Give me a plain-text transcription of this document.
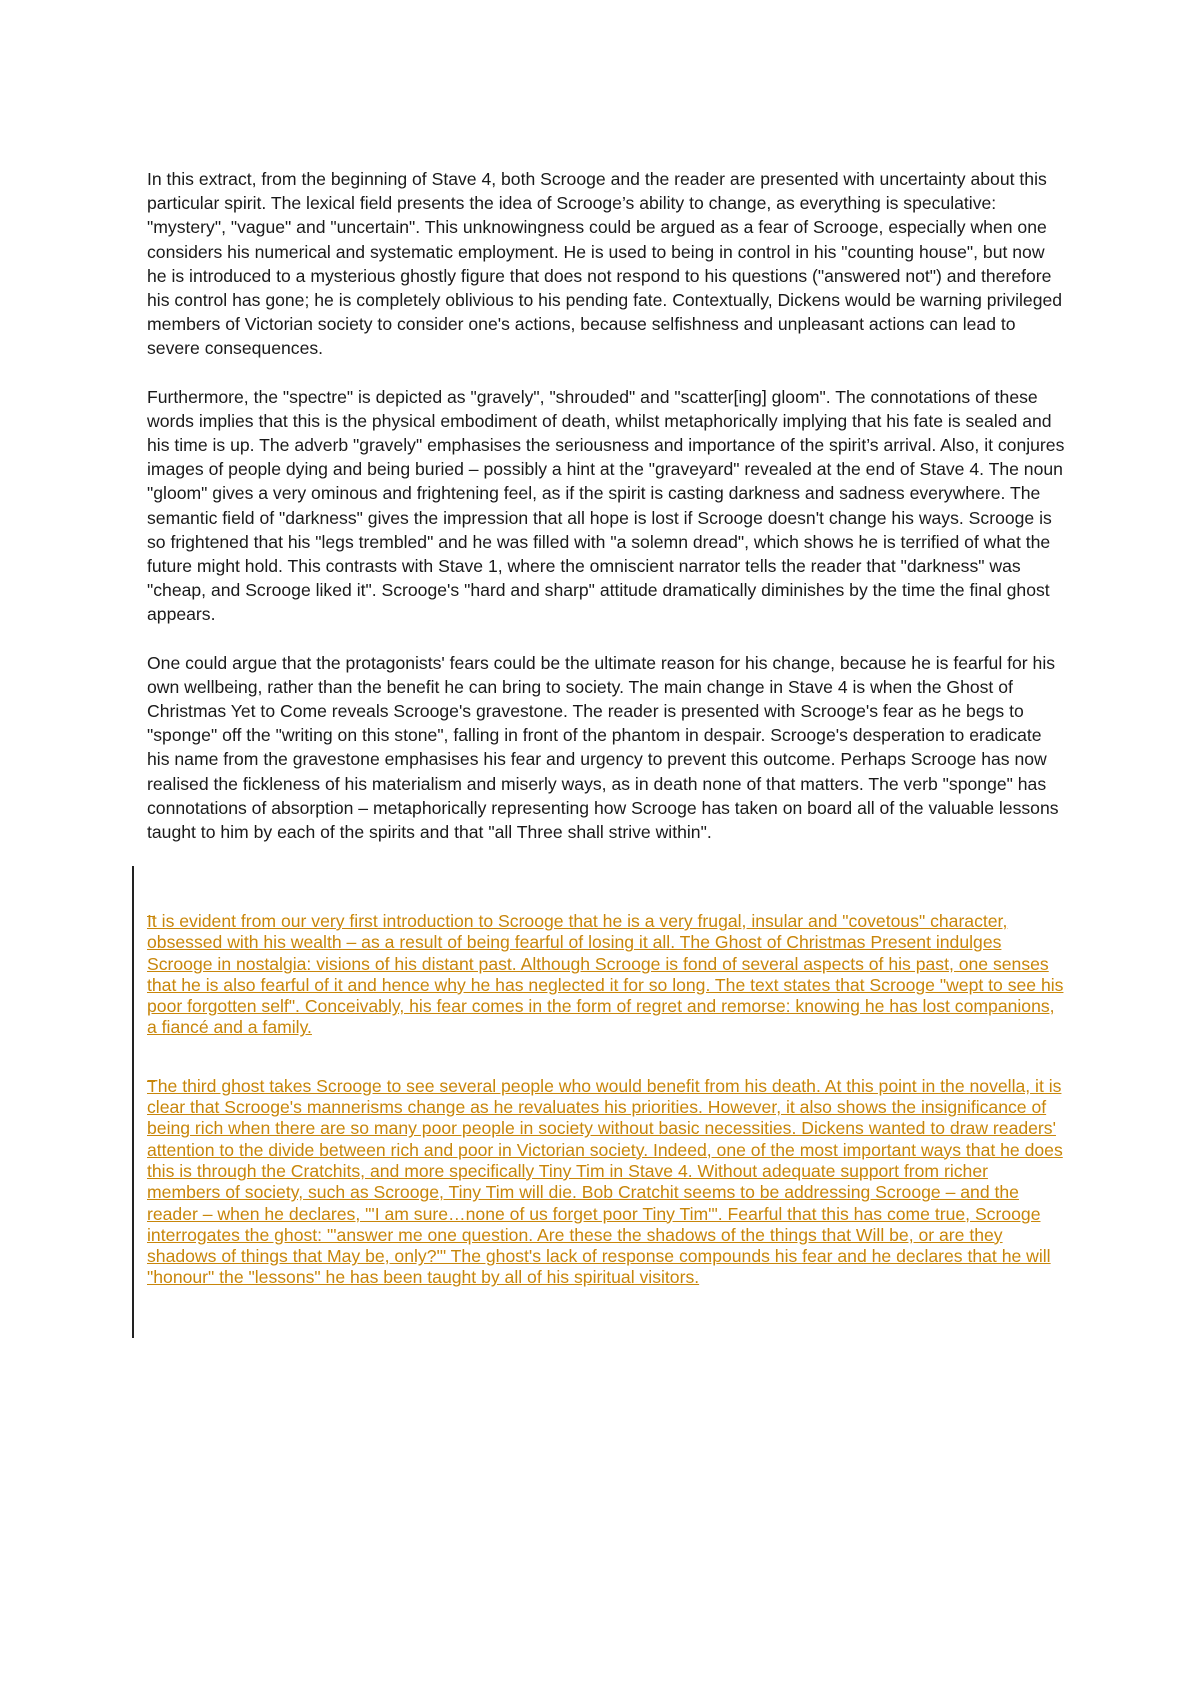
In this extract, from the beginning of Stave 4, both Scrooge and the reader are presented with uncertainty about this particular spirit. The lexical field presents the idea of Scrooge’s ability to change, as everything is speculative: "mystery", "vague" and "uncertain". This unknowingness could be argued as a fear of Scrooge, especially when one considers his numerical and systematic employment. He is used to being in control in his "counting house", but now he is introduced to a mysterious ghostly figure that does not respond to his questions ("answered not") and therefore his control has gone; he is completely oblivious to his pending fate. Contextually, Dickens would be warning privileged members of Victorian society to consider one's actions, because selfishness and unpleasant actions can lead to severe consequences.

Furthermore, the "spectre" is depicted as "gravely", "shrouded" and "scatter[ing] gloom". The connotations of these words implies that this is the physical embodiment of death, whilst metaphorically implying that his fate is sealed and his time is up. The adverb "gravely" emphasises the seriousness and importance of the spirit’s arrival. Also, it conjures images of people dying and being buried – possibly a hint at the "graveyard" revealed at the end of Stave 4. The noun "gloom" gives a very ominous and frightening feel, as if the spirit is casting darkness and sadness everywhere. The semantic field of "darkness" gives the impression that all hope is lost if Scrooge doesn't change his ways. Scrooge is so frightened that his "legs trembled" and he was filled with "a solemn dread", which shows he is terrified of what the future might hold. This contrasts with Stave 1, where the omniscient narrator tells the reader that "darkness" was "cheap, and Scrooge liked it". Scrooge's "hard and sharp" attitude dramatically diminishes by the time the final ghost appears.

One could argue that the protagonists' fears could be the ultimate reason for his change, because he is fearful for his own wellbeing, rather than the benefit he can bring to society. The main change in Stave 4 is when the Ghost of Christmas Yet to Come reveals Scrooge's gravestone. The reader is presented with Scrooge's fear as he begs to "sponge" off the "writing on this stone", falling in front of the phantom in despair. Scrooge's desperation to eradicate his name from the gravestone emphasises his fear and urgency to prevent this outcome. Perhaps Scrooge has now realised the fickleness of his materialism and miserly ways, as in death none of that matters. The verb "sponge" has connotations of absorption – metaphorically representing how Scrooge has taken on board all of the valuable lessons taught to him by each of the spirits and that "all Three shall strive within".

It is evident from our very first introduction to Scrooge that he is a very frugal, insular and "covetous" character, obsessed with his wealth – as a result of being fearful of losing it all. The Ghost of Christmas Present indulges Scrooge in nostalgia: visions of his distant past. Although Scrooge is fond of several aspects of his past, one senses that he is also fearful of it and hence why he has neglected it for so long. The text states that Scrooge "wept to see his poor forgotten self". Conceivably, his fear comes in the form of regret and remorse: knowing he has lost companions, a fiancé and a family.

The third ghost takes Scrooge to see several people who would benefit from his death. At this point in the novella, it is clear that Scrooge's mannerisms change as he revaluates his priorities. However, it also shows the insignificance of being rich when there are so many poor people in society without basic necessities. Dickens wanted to draw readers' attention to the divide between rich and poor in Victorian society. Indeed, one of the most important ways that he does this is through the Cratchits, and more specifically Tiny Tim in Stave 4. Without adequate support from richer members of society, such as Scrooge, Tiny Tim will die. Bob Cratchit seems to be addressing Scrooge – and the reader – when he declares, "'I am sure…none of us forget poor Tiny Tim'". Fearful that this has come true, Scrooge interrogates the ghost: "'answer me one question. Are these the shadows of the things that Will be, or are they shadows of things that May be, only?'" The ghost's lack of response compounds his fear and he declares that he will "honour" the "lessons" he has been taught by all of his spiritual visitors.
